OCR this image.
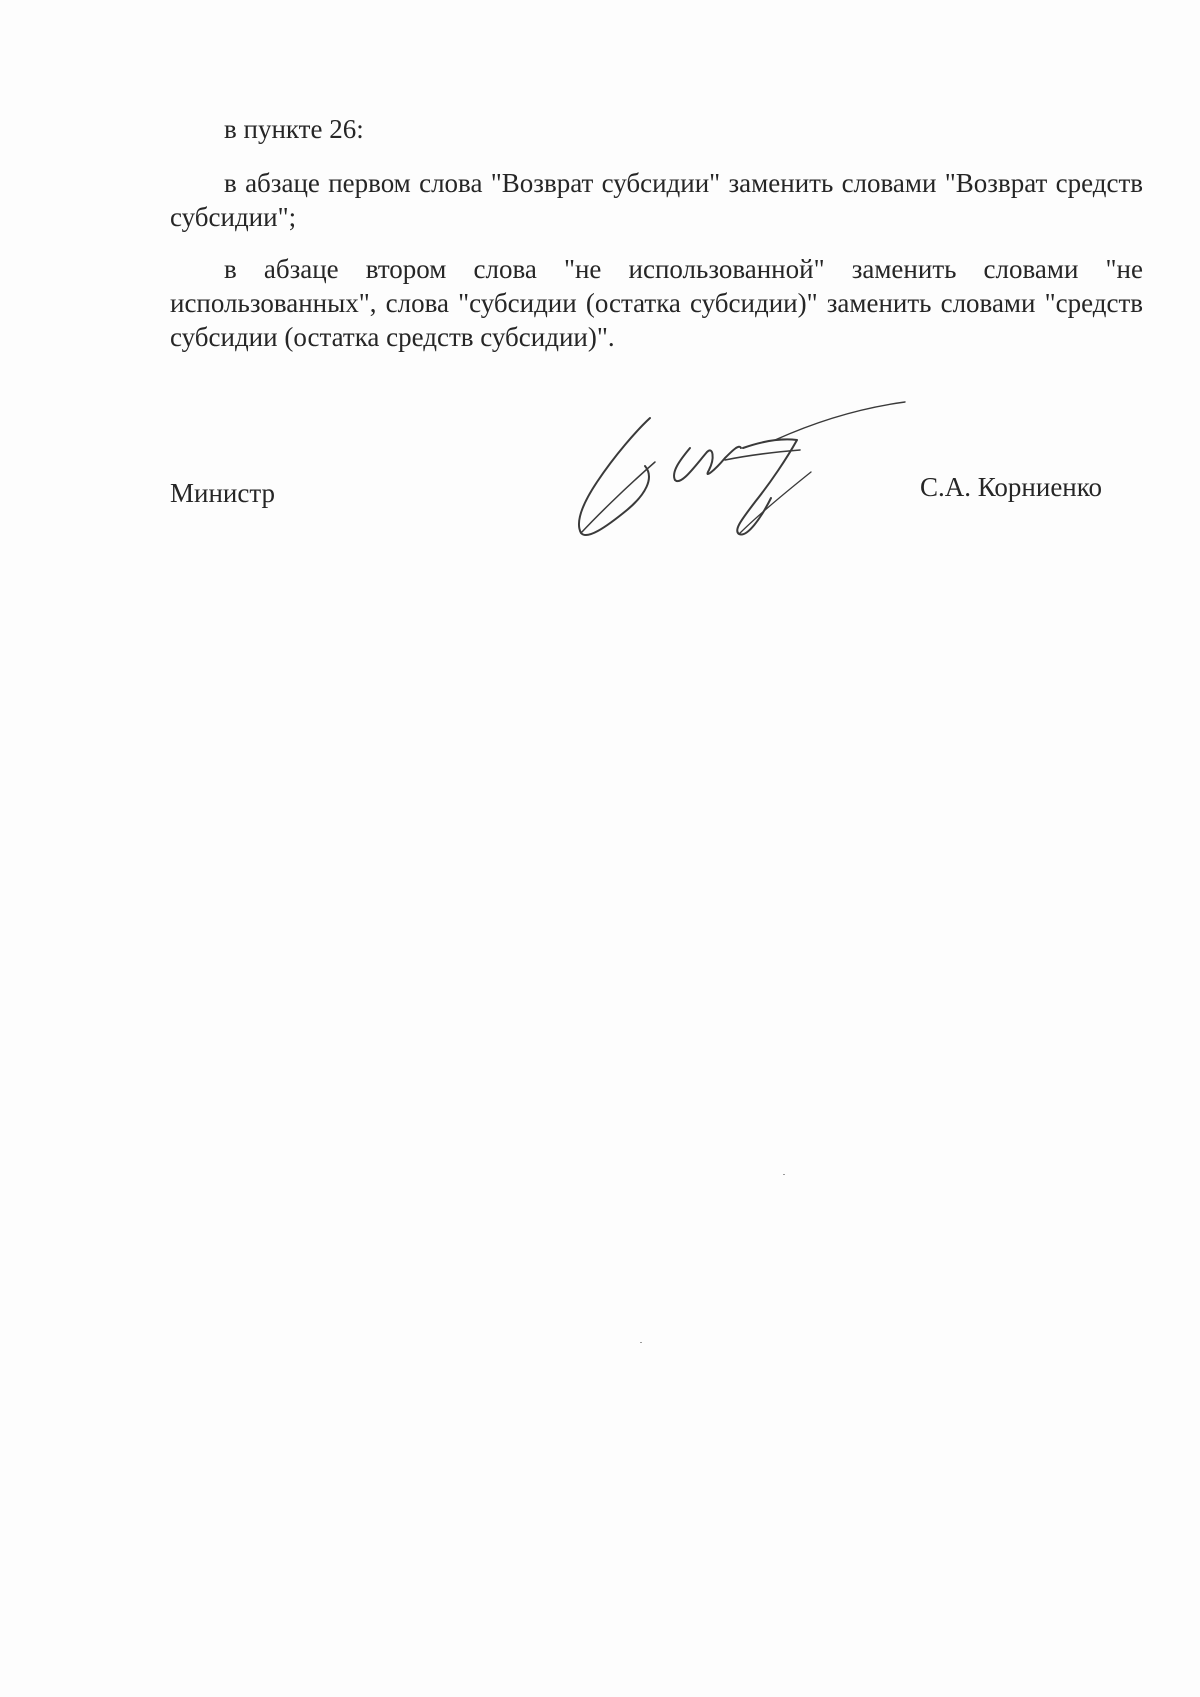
в пункте 26:

в абзаце первом слова "Возврат субсидии" заменить словами "Возврат средств субсидии";

в абзаце втором слова "не использованной" заменить словами "не использованных", слова "субсидии (остатка субсидии)" заменить словами "средств субсидии (остатка средств субсидии)".

Министр	С.А. Корниенко
